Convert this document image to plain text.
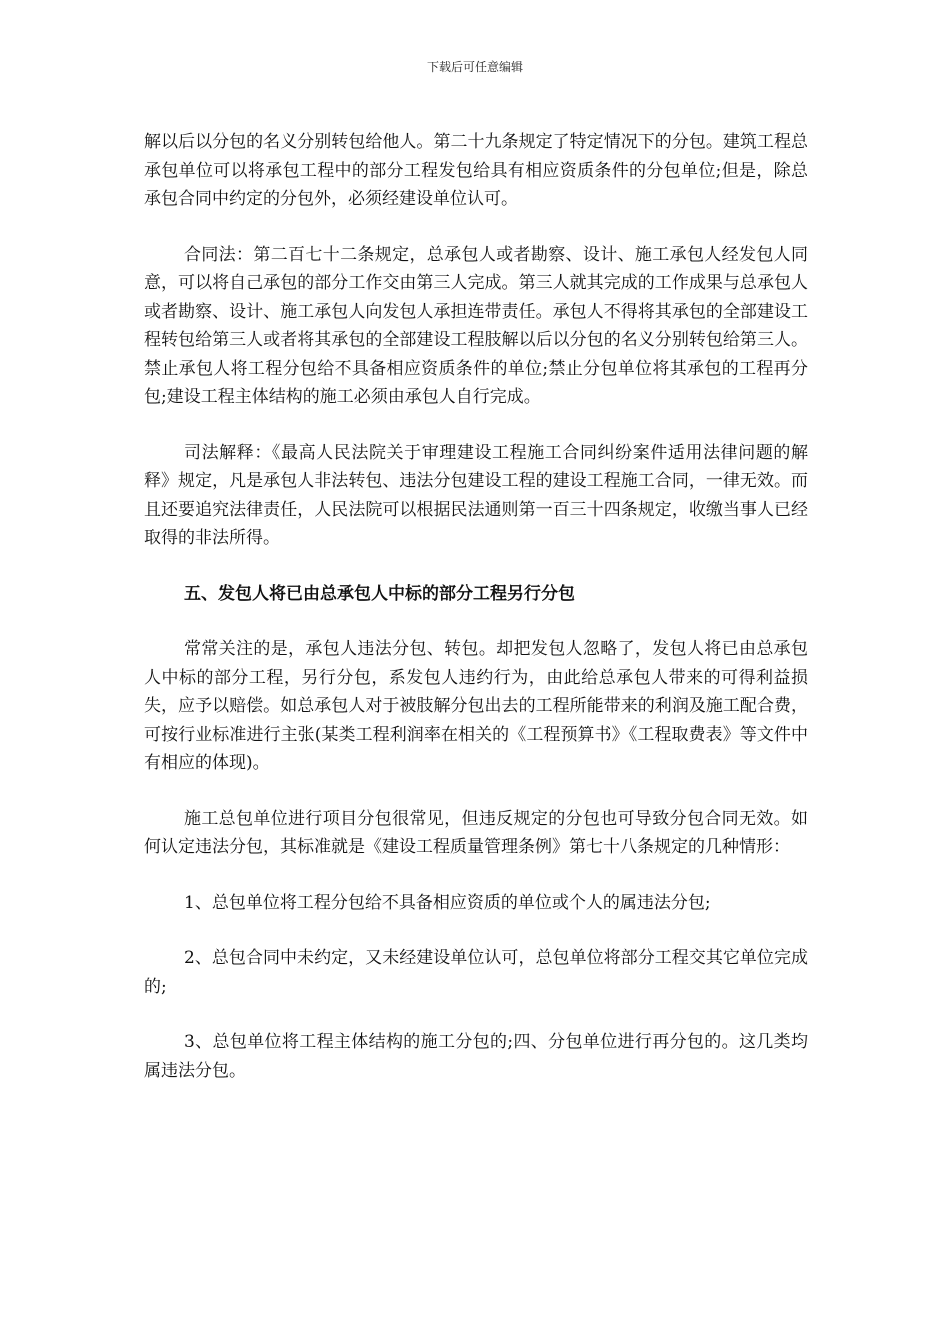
下载后可任意编辑

解以后以分包的名义分别转包给他人。第二十九条规定了特定情况下的分包。建筑工程总承包单位可以将承包工程中的部分工程发包给具有相应资质条件的分包单位;但是，除总承包合同中约定的分包外，必须经建设单位认可。

合同法：第二百七十二条规定，总承包人或者勘察、设计、施工承包人经发包人同意，可以将自己承包的部分工作交由第三人完成。第三人就其完成的工作成果与总承包人或者勘察、设计、施工承包人向发包人承担连带责任。承包人不得将其承包的全部建设工程转包给第三人或者将其承包的全部建设工程肢解以后以分包的名义分别转包给第三人。禁止承包人将工程分包给不具备相应资质条件的单位;禁止分包单位将其承包的工程再分包;建设工程主体结构的施工必须由承包人自行完成。

司法解释：《最高人民法院关于审理建设工程施工合同纠纷案件适用法律问题的解释》规定，凡是承包人非法转包、违法分包建设工程的建设工程施工合同，一律无效。而且还要追究法律责任，人民法院可以根据民法通则第一百三十四条规定，收缴当事人已经取得的非法所得。

五、发包人将已由总承包人中标的部分工程另行分包

常常关注的是，承包人违法分包、转包。却把发包人忽略了，发包人将已由总承包人中标的部分工程，另行分包，系发包人违约行为，由此给总承包人带来的可得利益损失，应予以赔偿。如总承包人对于被肢解分包出去的工程所能带来的利润及施工配合费，可按行业标准进行主张(某类工程利润率在相关的《工程预算书》《工程取费表》等文件中有相应的体现)。

施工总包单位进行项目分包很常见，但违反规定的分包也可导致分包合同无效。如何认定违法分包，其标准就是《建设工程质量管理条例》第七十八条规定的几种情形：

1、总包单位将工程分包给不具备相应资质的单位或个人的属违法分包;

2、总包合同中未约定，又未经建设单位认可，总包单位将部分工程交其它单位完成的;

3、总包单位将工程主体结构的施工分包的;四、分包单位进行再分包的。这几类均属违法分包。
